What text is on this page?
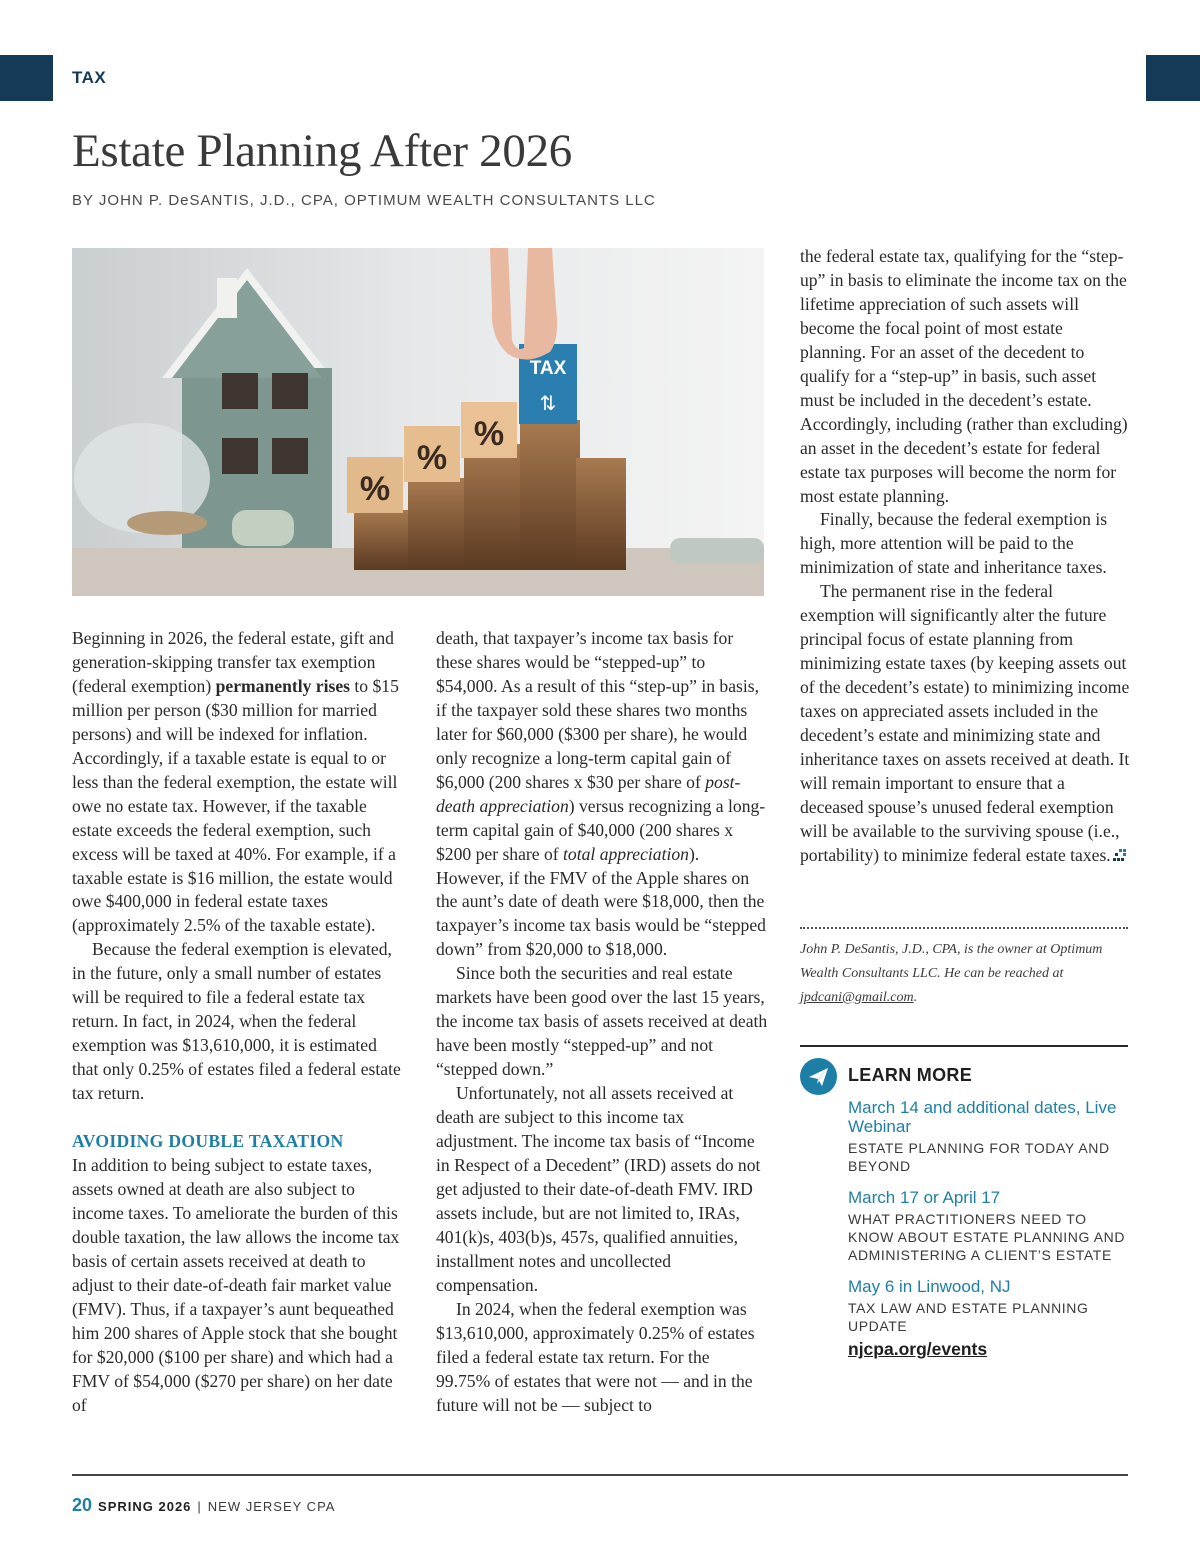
TAX
Estate Planning After 2026
BY JOHN P. DeSANTIS, J.D., CPA, OPTIMUM WEALTH CONSULTANTS LLC
%
%
%
TAX
⇅

Beginning in 2026, the federal estate, gift and generation-skipping transfer tax exemption (federal exemption) permanently rises to $15 million per person ($30 million for married persons) and will be indexed for inflation. Accordingly, if a taxable estate is equal to or less than the federal exemption, the estate will owe no estate tax. However, if the taxable estate exceeds the federal exemption, such excess will be taxed at 40%. For example, if a taxable estate is $16 million, the estate would owe $400,000 in federal estate taxes (approximately 2.5% of the taxable estate).

Because the federal exemption is elevated, in the future, only a small number of estates will be required to file a federal estate tax return. In fact, in 2024, when the federal exemption was $13,610,000, it is estimated that only 0.25% of estates filed a federal estate tax return.

AVOIDING DOUBLE TAXATION

In addition to being subject to estate taxes, assets owned at death are also subject to income taxes. To ameliorate the burden of this double taxation, the law allows the income tax basis of certain assets received at death to adjust to their date-of-death fair market value (FMV). Thus, if a taxpayer’s aunt bequeathed him 200 shares of Apple stock that she bought for $20,000 ($100 per share) and which had a FMV of $54,000 ($270 per share) on her date of

death, that taxpayer’s income tax basis for these shares would be “stepped-up” to $54,000. As a result of this “step-up” in basis, if the taxpayer sold these shares two months later for $60,000 ($300 per share), he would only recognize a long-term capital gain of $6,000 (200 shares x $30 per share of post-death appreciation) versus recognizing a long-term capital gain of $40,000 (200 shares x $200 per share of total appreciation). However, if the FMV of the Apple shares on the aunt’s date of death were $18,000, then the taxpayer’s income tax basis would be “stepped down” from $20,000 to $18,000.

Since both the securities and real estate markets have been good over the last 15 years, the income tax basis of assets received at death have been mostly “stepped-up” and not “stepped down.”

Unfortunately, not all assets received at death are subject to this income tax adjustment. The income tax basis of “Income in Respect of a Decedent” (IRD) assets do not get adjusted to their date-of-death FMV. IRD assets include, but are not limited to, IRAs, 401(k)s, 403(b)s, 457s, qualified annuities, installment notes and uncollected compensation.

In 2024, when the federal exemption was $13,610,000, approximately 0.25% of estates filed a federal estate tax return. For the 99.75% of estates that were not — and in the future will not be — subject to

the federal estate tax, qualifying for the “step-up” in basis to eliminate the income tax on the lifetime appreciation of such assets will become the focal point of most estate planning. For an asset of the decedent to qualify for a “step-up” in basis, such asset must be included in the decedent’s estate. Accordingly, including (rather than excluding) an asset in the decedent’s estate for federal estate tax purposes will become the norm for most estate planning.

Finally, because the federal exemption is high, more attention will be paid to the minimization of state and inheritance taxes.

The permanent rise in the federal exemption will significantly alter the future principal focus of estate planning from minimizing estate taxes (by keeping assets out of the decedent’s estate) to minimizing income taxes on appreciated assets included in the decedent’s estate and minimizing state and inheritance taxes on assets received at death. It will remain important to ensure that a deceased spouse’s unused federal exemption will be available to the surviving spouse (i.e., portability) to minimize federal estate taxes.

John P. DeSantis, J.D., CPA, is the owner at Optimum Wealth Consultants LLC. He can be reached at jpdcani@gmail.com.
LEARN MORE
March 14 and additional dates, Live Webinar
ESTATE PLANNING FOR TODAY AND BEYOND
March 17 or April 17
WHAT PRACTITIONERS NEED TO KNOW ABOUT ESTATE PLANNING AND ADMINISTERING A CLIENT’S ESTATE
May 6 in Linwood, NJ
TAX LAW AND ESTATE PLANNING UPDATE
njcpa.org/events
20 SPRING 2026 | NEW JERSEY CPA
